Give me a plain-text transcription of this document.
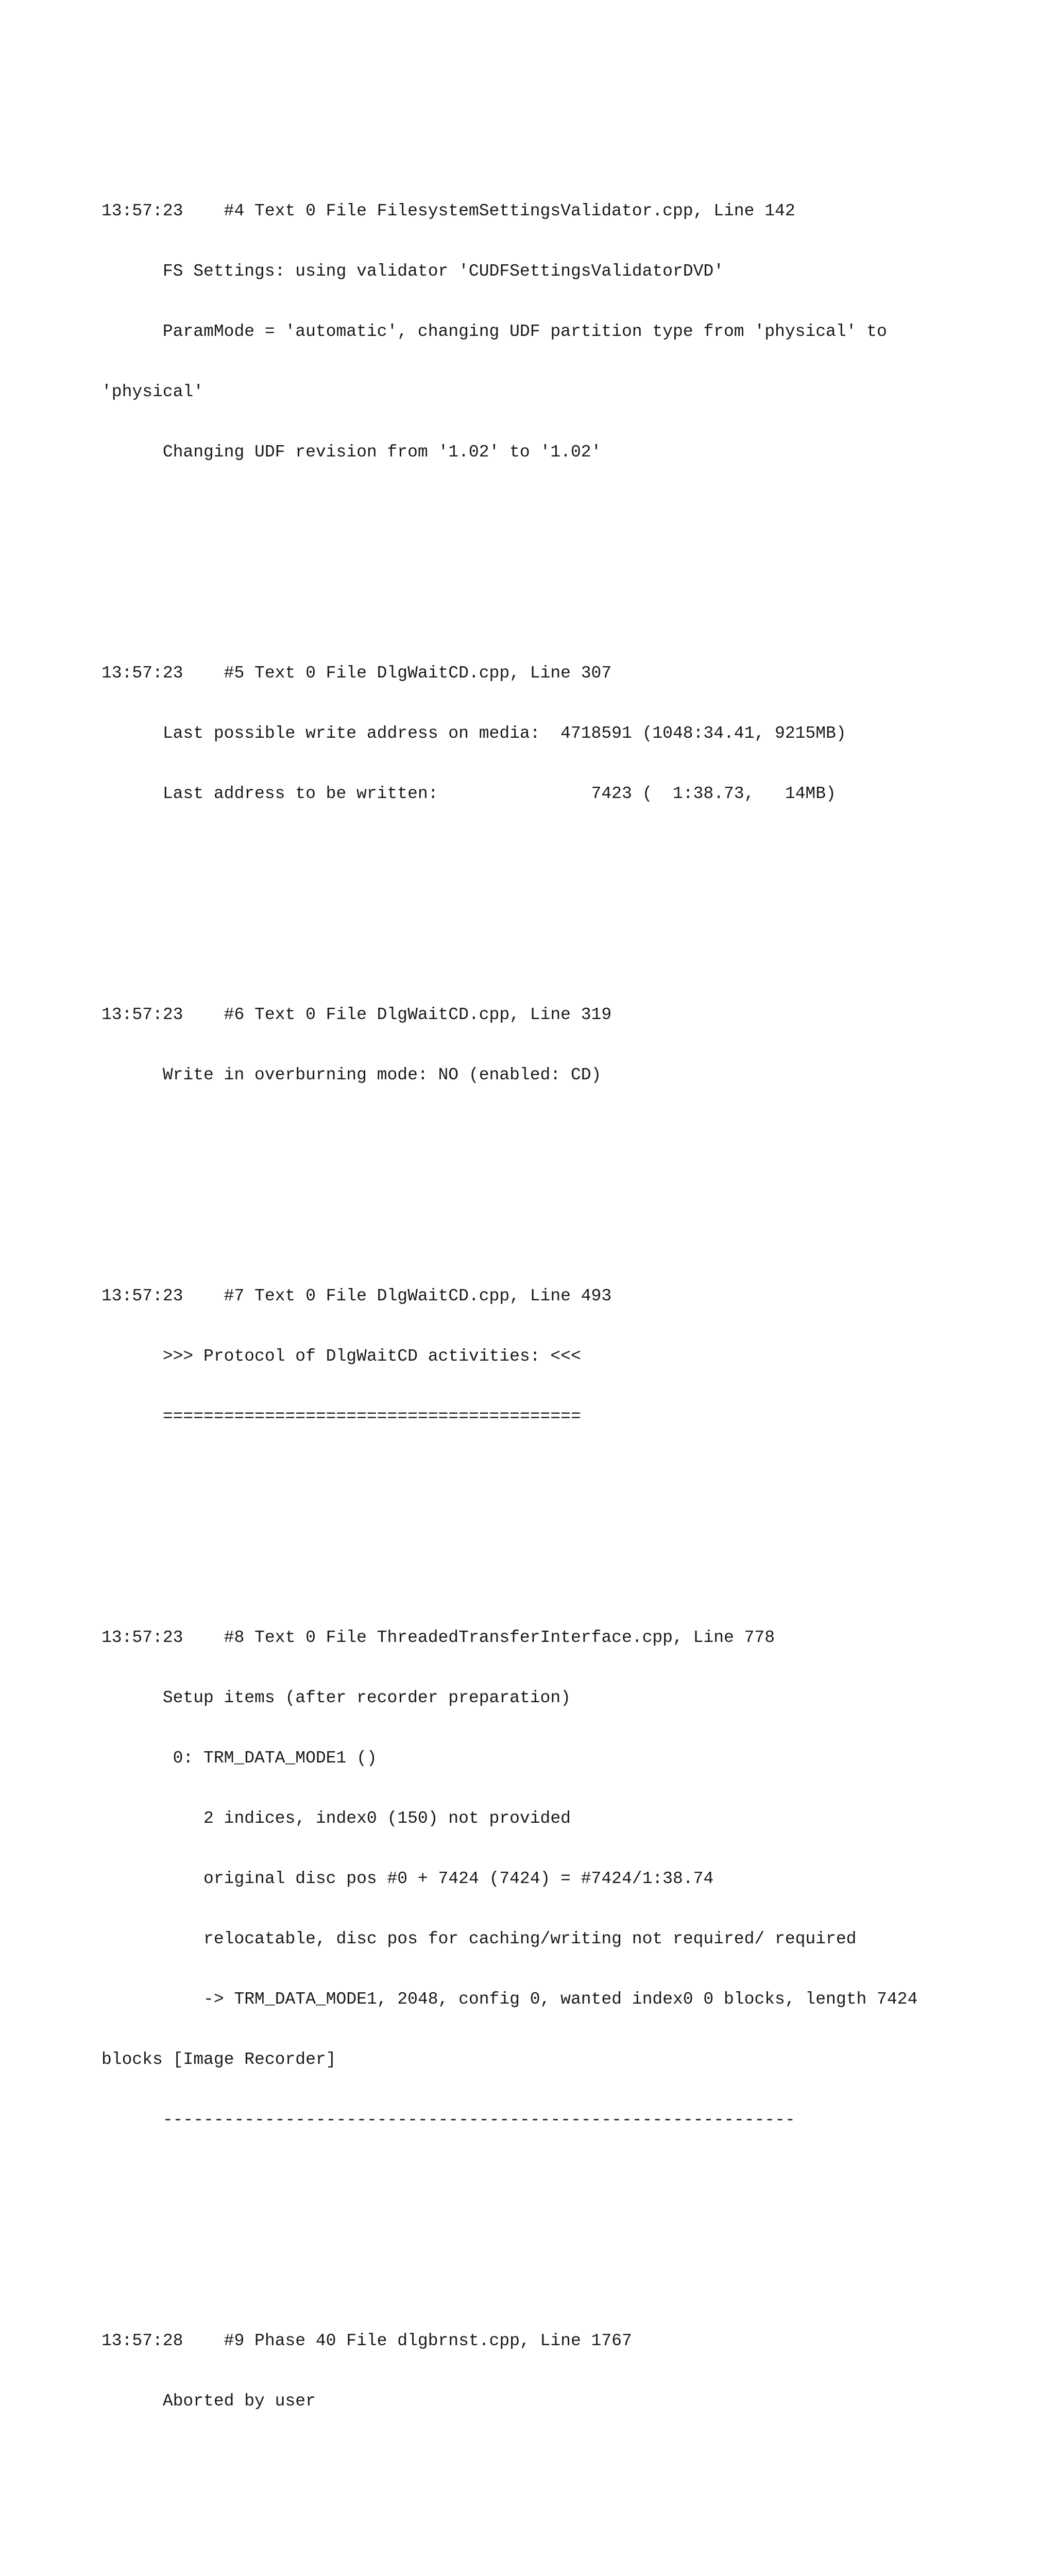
13:57:23    #4 Text 0 File FilesystemSettingsValidator.cpp, Line 142

FS Settings: using validator 'CUDFSettingsValidatorDVD'

ParamMode = 'automatic', changing UDF partition type from 'physical' to

'physical'

Changing UDF revision from '1.02' to '1.02'

13:57:23    #5 Text 0 File DlgWaitCD.cpp, Line 307

Last possible write address on media:  4718591 (1048:34.41, 9215MB)

Last address to be written:               7423 (  1:38.73,   14MB)

13:57:23    #6 Text 0 File DlgWaitCD.cpp, Line 319

Write in overburning mode: NO (enabled: CD)

13:57:23    #7 Text 0 File DlgWaitCD.cpp, Line 493

>>> Protocol of DlgWaitCD activities: <<<

=========================================

13:57:23    #8 Text 0 File ThreadedTransferInterface.cpp, Line 778

Setup items (after recorder preparation)

0: TRM_DATA_MODE1 ()

2 indices, index0 (150) not provided

original disc pos #0 + 7424 (7424) = #7424/1:38.74

relocatable, disc pos for caching/writing not required/ required

-> TRM_DATA_MODE1, 2048, config 0, wanted index0 0 blocks, length 7424

blocks [Image Recorder]

--------------------------------------------------------------

13:57:28    #9 Phase 40 File dlgbrnst.cpp, Line 1767

Aborted by user
